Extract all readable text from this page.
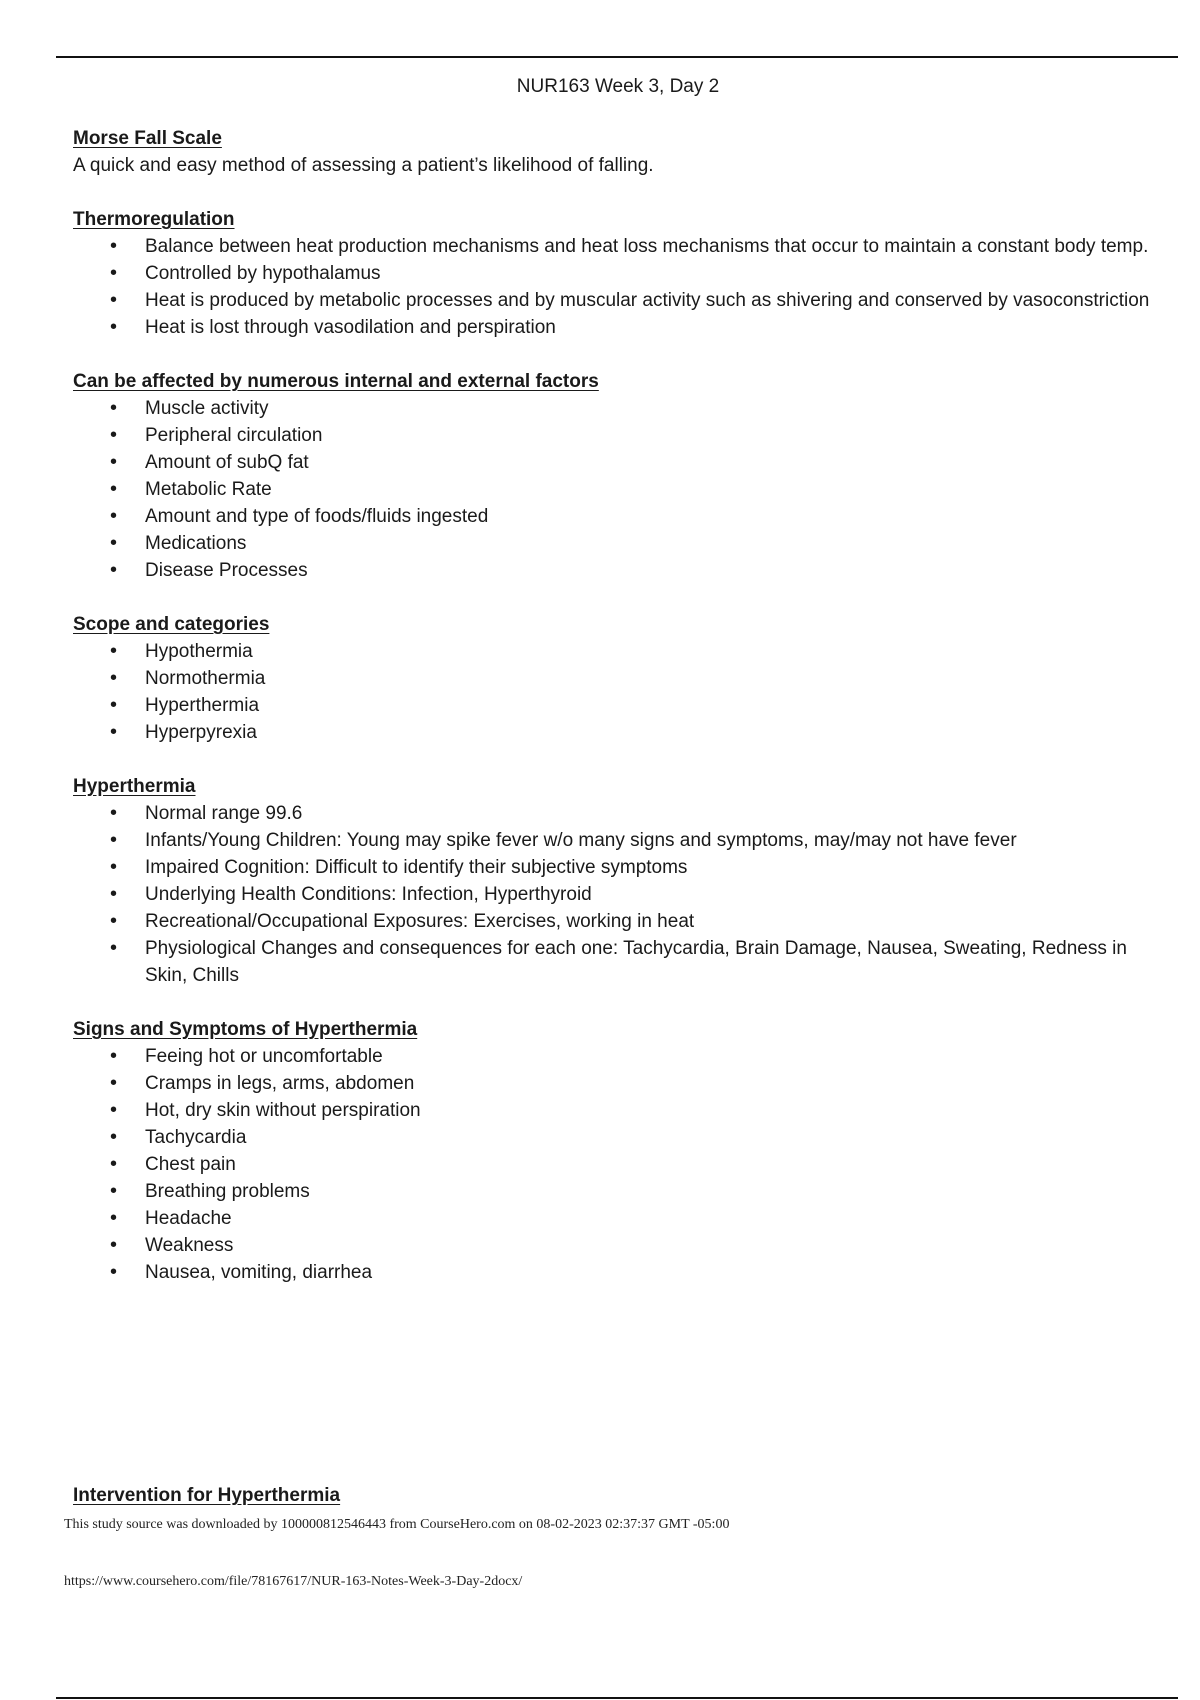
NUR163 Week 3, Day 2

Morse Fall Scale

A quick and easy method of assessing a patient’s likelihood of falling.

Thermoregulation

• Balance between heat production mechanisms and heat loss mechanisms that occur to maintain a constant body temp.
• Controlled by hypothalamus
• Heat is produced by metabolic processes and by muscular activity such as shivering and conserved by vasoconstriction
• Heat is lost through vasodilation and perspiration

Can be affected by numerous internal and external factors

• Muscle activity
• Peripheral circulation
• Amount of subQ fat
• Metabolic Rate
• Amount and type of foods/fluids ingested
• Medications
• Disease Processes

Scope and categories

• Hypothermia
• Normothermia
• Hyperthermia
• Hyperpyrexia

Hyperthermia

• Normal range 99.6
• Infants/Young Children: Young may spike fever w/o many signs and symptoms, may/may not have fever
• Impaired Cognition: Difficult to identify their subjective symptoms
• Underlying Health Conditions: Infection, Hyperthyroid
• Recreational/Occupational Exposures: Exercises, working in heat
• Physiological Changes and consequences for each one: Tachycardia, Brain Damage, Nausea, Sweating, Redness in Skin, Chills

Signs and Symptoms of Hyperthermia

• Feeing hot or uncomfortable
• Cramps in legs, arms, abdomen
• Hot, dry skin without perspiration
• Tachycardia
• Chest pain
• Breathing problems
• Headache
• Weakness
• Nausea, vomiting, diarrhea

Intervention for Hyperthermia

This study source was downloaded by 100000812546443 from CourseHero.com on 08-02-2023 02:37:37 GMT -05:00
https://www.coursehero.com/file/78167617/NUR-163-Notes-Week-3-Day-2docx/
